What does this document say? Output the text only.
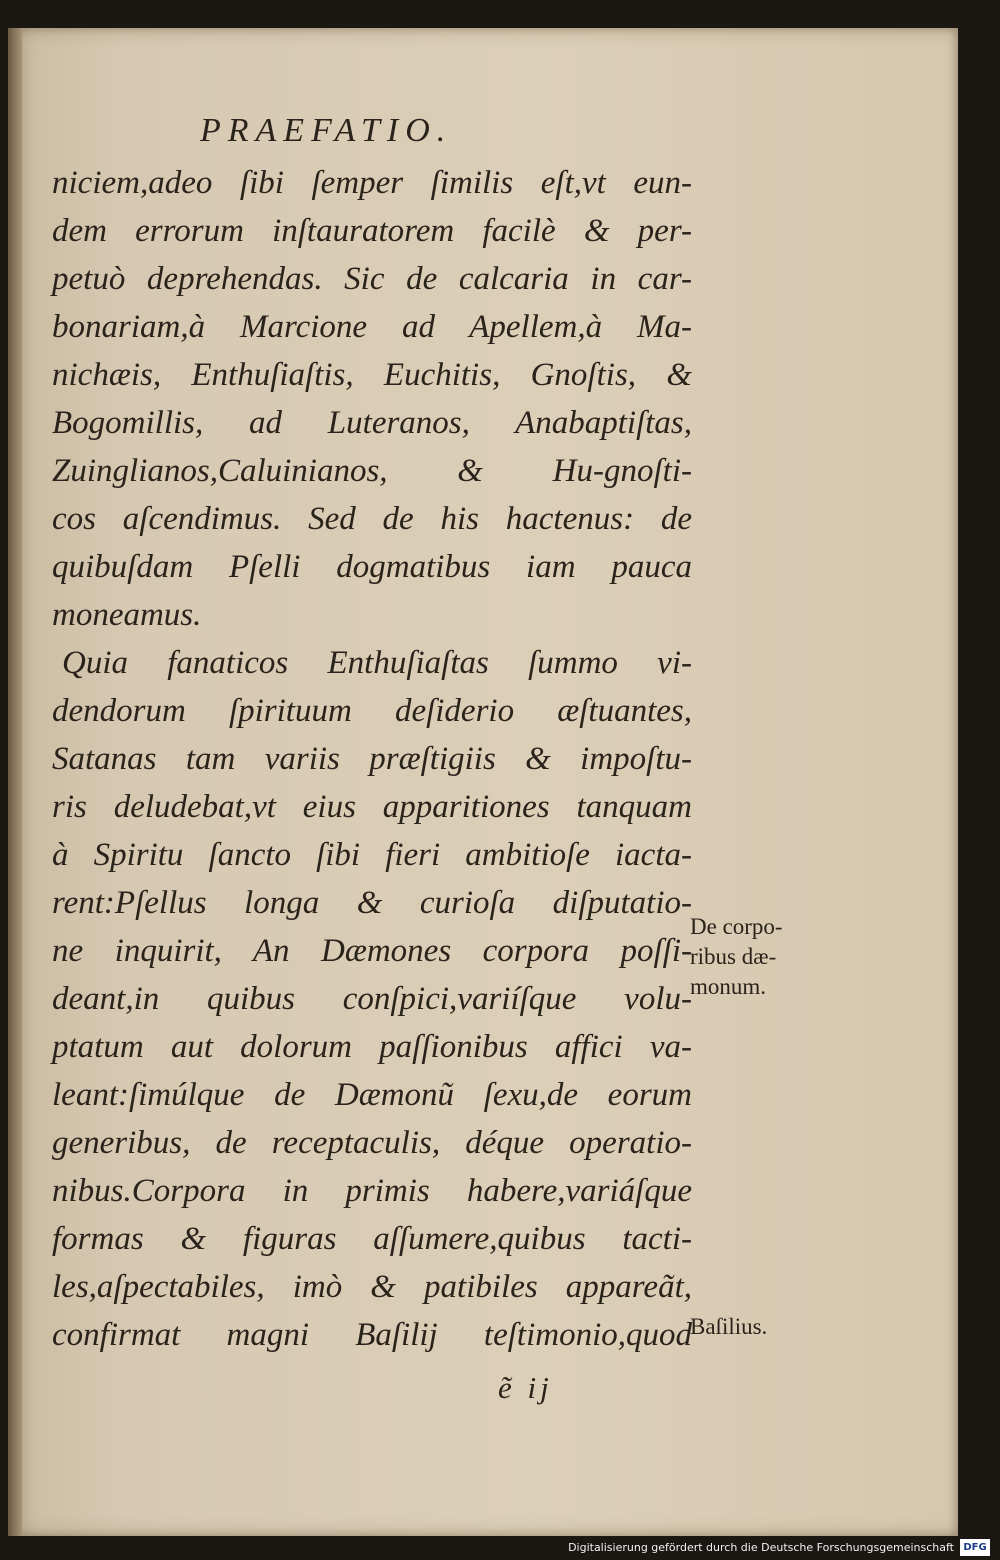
PRAEFATIO.
niciem,adeo ſibi ſemper ſimilis eſt,vt eun-
dem errorum inſtauratorem facilè & per-
petuò deprehendas. Sic de calcaria in car-
bonariam,à Marcione ad Apellem,à Ma-
nichæis, Enthuſiaſtis, Euchitis, Gnoſtis, &
Bogomillis, ad Luteranos, Anabaptiſtas,
Zuinglianos,Caluinianos, & Hu-gnoſti-
cos aſcendimus. Sed de his hactenus: de
quibuſdam Pſelli dogmatibus iam pauca
moneamus.
Quia fanaticos Enthuſiaſtas ſummo vi-
dendorum ſpirituum deſiderio æſtuantes,
Satanas tam variis præſtigiis & impoſtu-
ris deludebat,vt eius apparitiones tanquam
à Spiritu ſancto ſibi fieri ambitioſe iacta-
rent:Pſellus longa & curioſa diſputatio-
ne inquirit, An Dæmones corpora poſſi-
deant,in quibus conſpici,variíſque volu-
ptatum aut dolorum paſſionibus affici va-
leant:ſimúlque de Dæmonũ ſexu,de eorum
generibus, de receptaculis, déque operatio-
nibus.Corpora in primis habere,variáſque
formas & figuras aſſumere,quibus tacti-
les,aſpectabiles, imò & patibiles appareãt,
confirmat magni Baſilij teſtimonio,quod
De corpo-
ribus dæ-
monum.
Baſilius.
ẽ ij
Digitalisierung gefördert durch die Deutsche Forschungsgemeinschaft DFG
